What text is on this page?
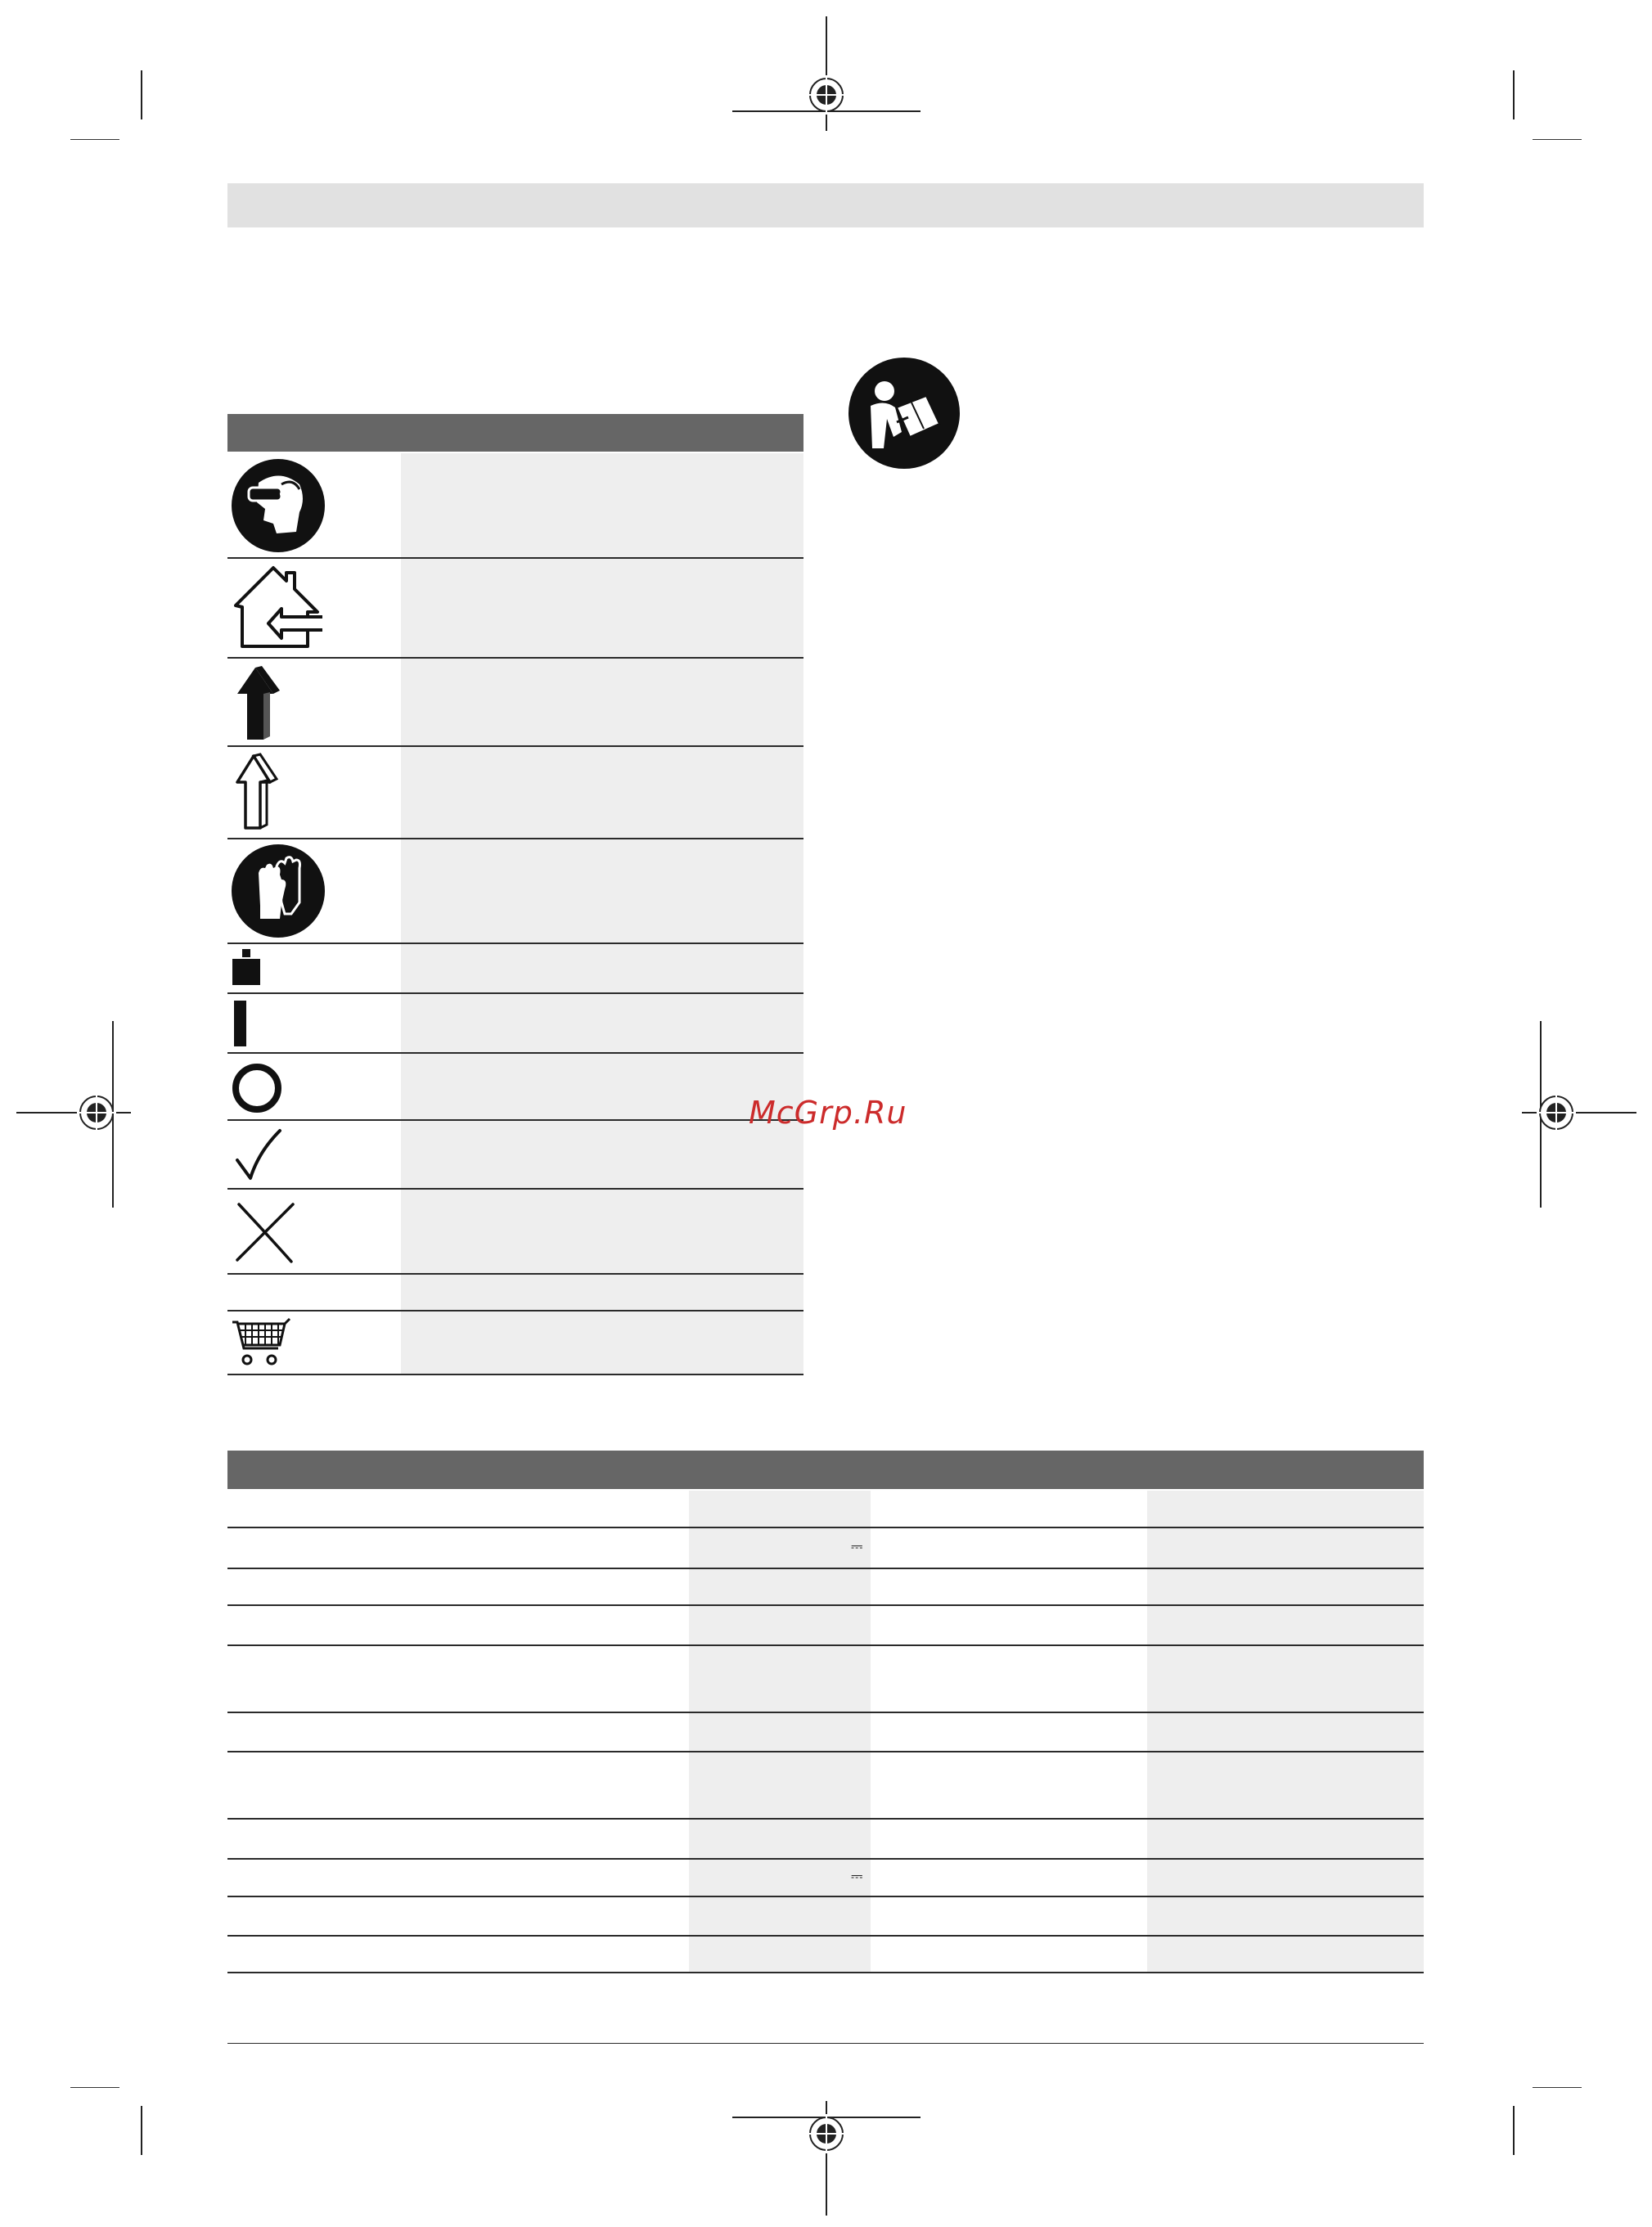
McGrp.Ru
⎓
⎓
